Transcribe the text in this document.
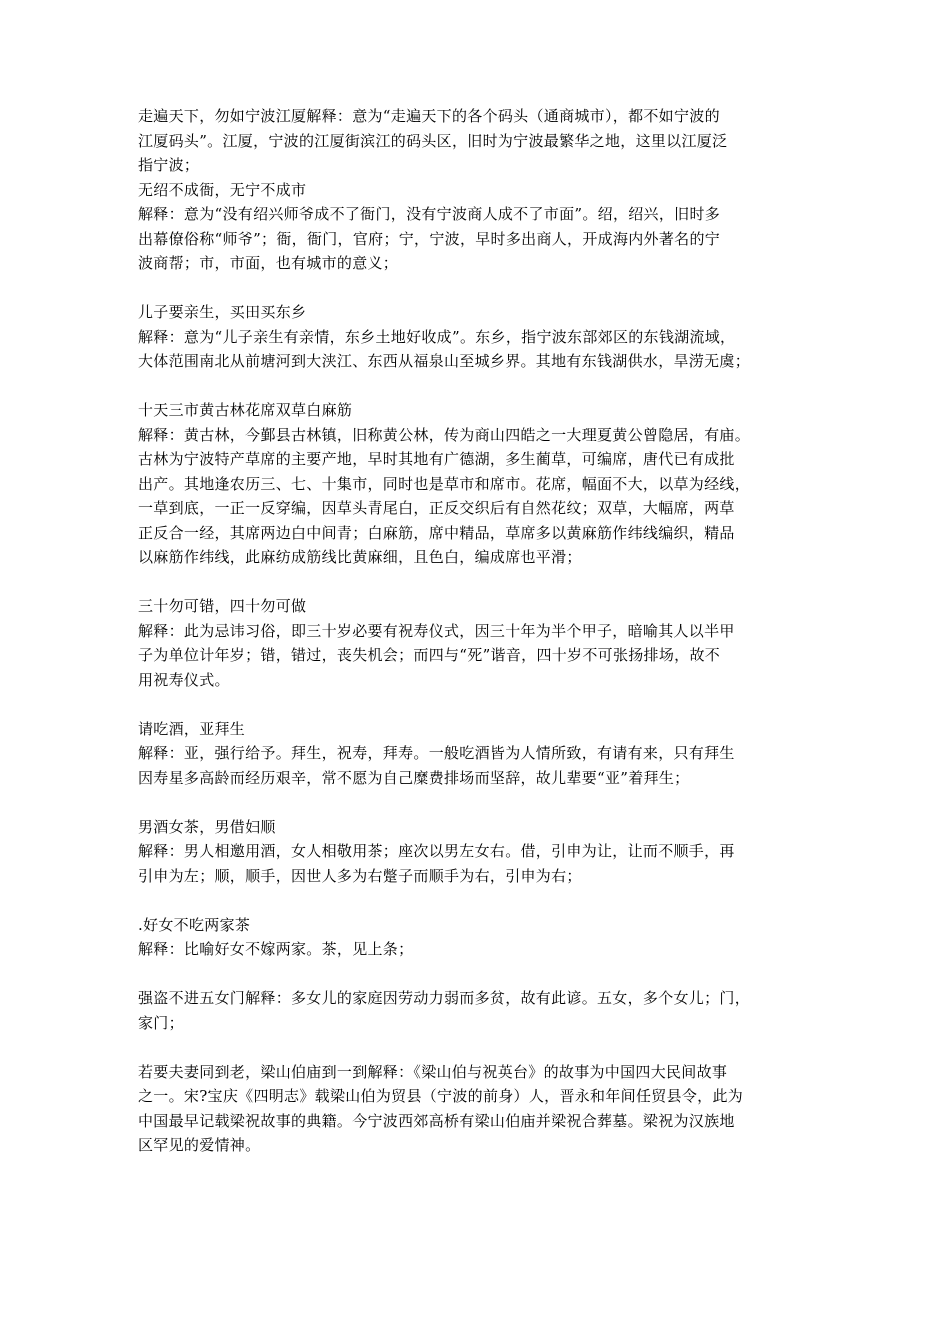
走遍天下，勿如宁波江厦解释：意为“走遍天下的各个码头（通商城市），都不如宁波的
江厦码头”。江厦，宁波的江厦街滨江的码头区，旧时为宁波最繁华之地，这里以江厦泛
指宁波；
无绍不成衙，无宁不成市
解释：意为“没有绍兴师爷成不了衙门，没有宁波商人成不了市面”。绍，绍兴，旧时多
出幕僚俗称“师爷”；衙，衙门，官府；宁，宁波，早时多出商人，开成海内外著名的宁
波商帮；市，市面，也有城市的意义；
儿子要亲生，买田买东乡
解释：意为“儿子亲生有亲情，东乡土地好收成”。东乡，指宁波东部郊区的东钱湖流域，
大体范围南北从前塘河到大浃江、东西从福泉山至城乡界。其地有东钱湖供水，旱涝无虞；
十天三市黄古林花席双草白麻筋
解释：黄古林，今鄞县古林镇，旧称黄公林，传为商山四皓之一大理夏黄公曾隐居，有庙。
古林为宁波特产草席的主要产地，早时其地有广德湖，多生蔺草，可编席，唐代已有成批
出产。其地逢农历三、七、十集市，同时也是草市和席市。花席，幅面不大，以草为经线，
一草到底，一正一反穿编，因草头青尾白，正反交织后有自然花纹；双草，大幅席，两草
正反合一经，其席两边白中间青；白麻筋，席中精品，草席多以黄麻筋作纬线编织，精品
以麻筋作纬线，此麻纺成筋线比黄麻细，且色白，编成席也平滑；
三十勿可错，四十勿可做
解释：此为忌讳习俗，即三十岁必要有祝寿仪式，因三十年为半个甲子，暗喻其人以半甲
子为单位计年岁；错，错过，丧失机会；而四与“死”谐音，四十岁不可张扬排场，故不
用祝寿仪式。
请吃酒，亚拜生
解释：亚，强行给予。拜生，祝寿，拜寿。一般吃酒皆为人情所致，有请有来，只有拜生
因寿星多高龄而经历艰辛，常不愿为自己糜费排场而坚辞，故儿辈要“亚”着拜生；
男酒女茶，男借妇顺
解释：男人相邀用酒，女人相敬用茶；座次以男左女右。借，引申为让，让而不顺手，再
引申为左；顺，顺手，因世人多为右蹩子而顺手为右，引申为右；
.好女不吃两家茶
解释：比喻好女不嫁两家。茶，见上条；
强盗不进五女门解释：多女儿的家庭因劳动力弱而多贫，故有此谚。五女，多个女儿；门，
家门；
若要夫妻同到老，梁山伯庙到一到解释：《梁山伯与祝英台》的故事为中国四大民间故事
之一。宋?宝庆《四明志》载梁山伯为贸县（宁波的前身）人，晋永和年间任贸县令，此为
中国最早记载梁祝故事的典籍。今宁波西郊高桥有梁山伯庙并梁祝合葬墓。梁祝为汉族地
区罕见的爱情神。
